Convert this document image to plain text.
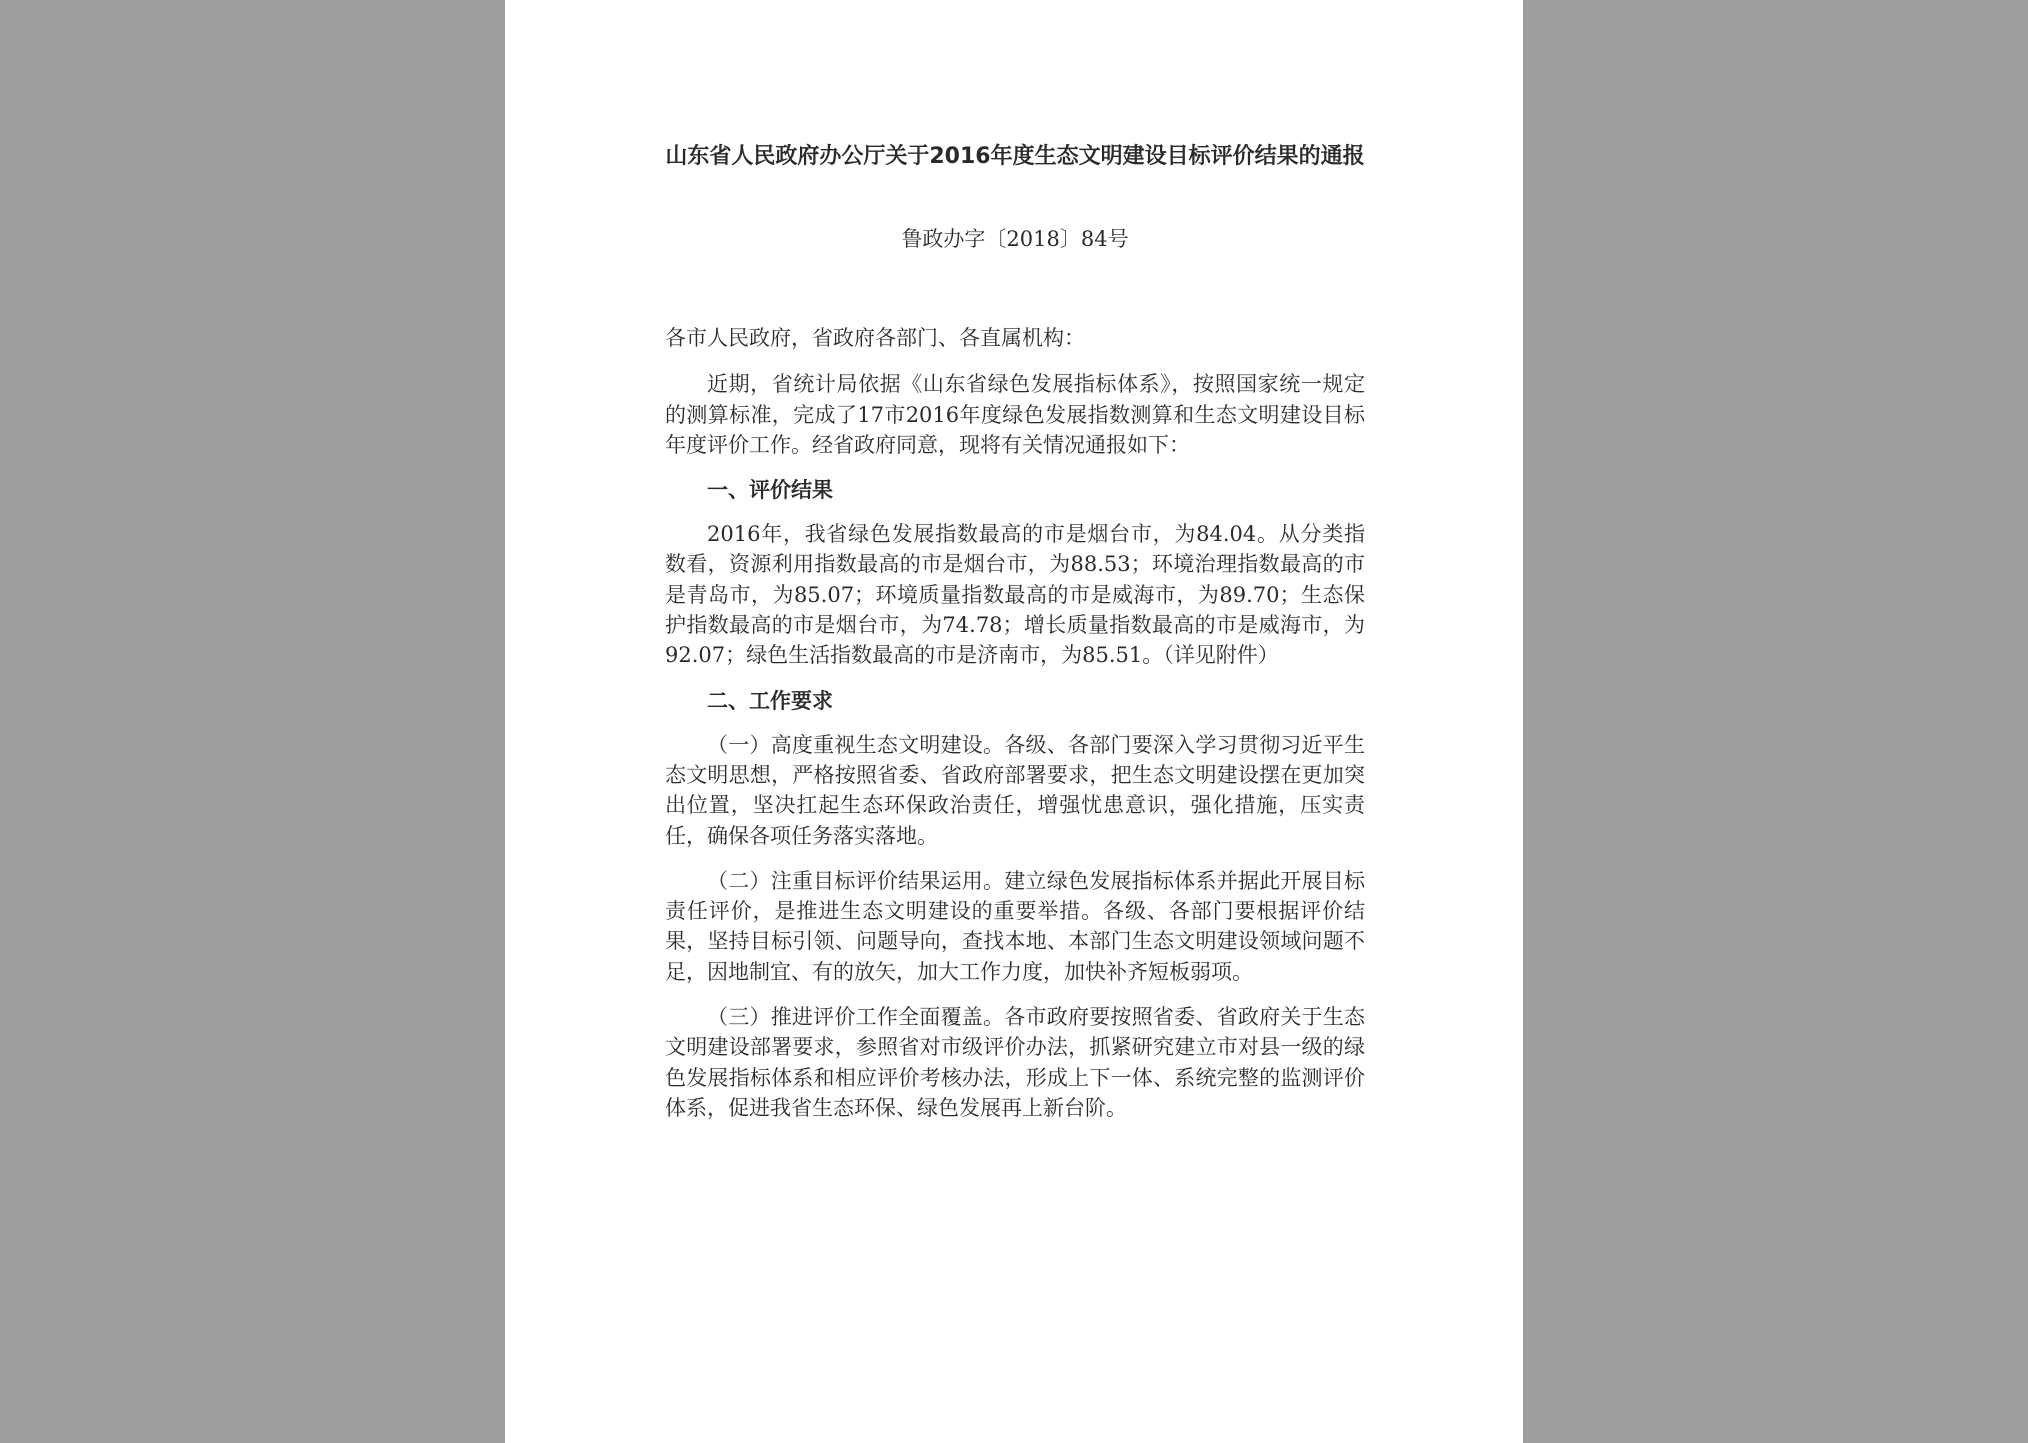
山东省人民政府办公厅关于2016年度生态文明建设目标评价结果的通报

鲁政办字〔2018〕84号

各市人民政府，省政府各部门、各直属机构：

近期，省统计局依据《山东省绿色发展指标体系》，按照国家统一规定的测算标准，完成了17市2016年度绿色发展指数测算和生态文明建设目标年度评价工作。经省政府同意，现将有关情况通报如下：

一、评价结果

2016年，我省绿色发展指数最高的市是烟台市，为84.04。从分类指数看，资源利用指数最高的市是烟台市，为88.53；环境治理指数最高的市是青岛市，为85.07；环境质量指数最高的市是威海市，为89.70；生态保护指数最高的市是烟台市，为74.78；增长质量指数最高的市是威海市，为92.07；绿色生活指数最高的市是济南市，为85.51。（详见附件）

二、工作要求

（一）高度重视生态文明建设。各级、各部门要深入学习贯彻习近平生态文明思想，严格按照省委、省政府部署要求，把生态文明建设摆在更加突出位置，坚决扛起生态环保政治责任，增强忧患意识，强化措施，压实责任，确保各项任务落实落地。

（二）注重目标评价结果运用。建立绿色发展指标体系并据此开展目标责任评价，是推进生态文明建设的重要举措。各级、各部门要根据评价结果，坚持目标引领、问题导向，查找本地、本部门生态文明建设领域问题不足，因地制宜、有的放矢，加大工作力度，加快补齐短板弱项。

（三）推进评价工作全面覆盖。各市政府要按照省委、省政府关于生态文明建设部署要求，参照省对市级评价办法，抓紧研究建立市对县一级的绿色发展指标体系和相应评价考核办法，形成上下一体、系统完整的监测评价体系，促进我省生态环保、绿色发展再上新台阶。
